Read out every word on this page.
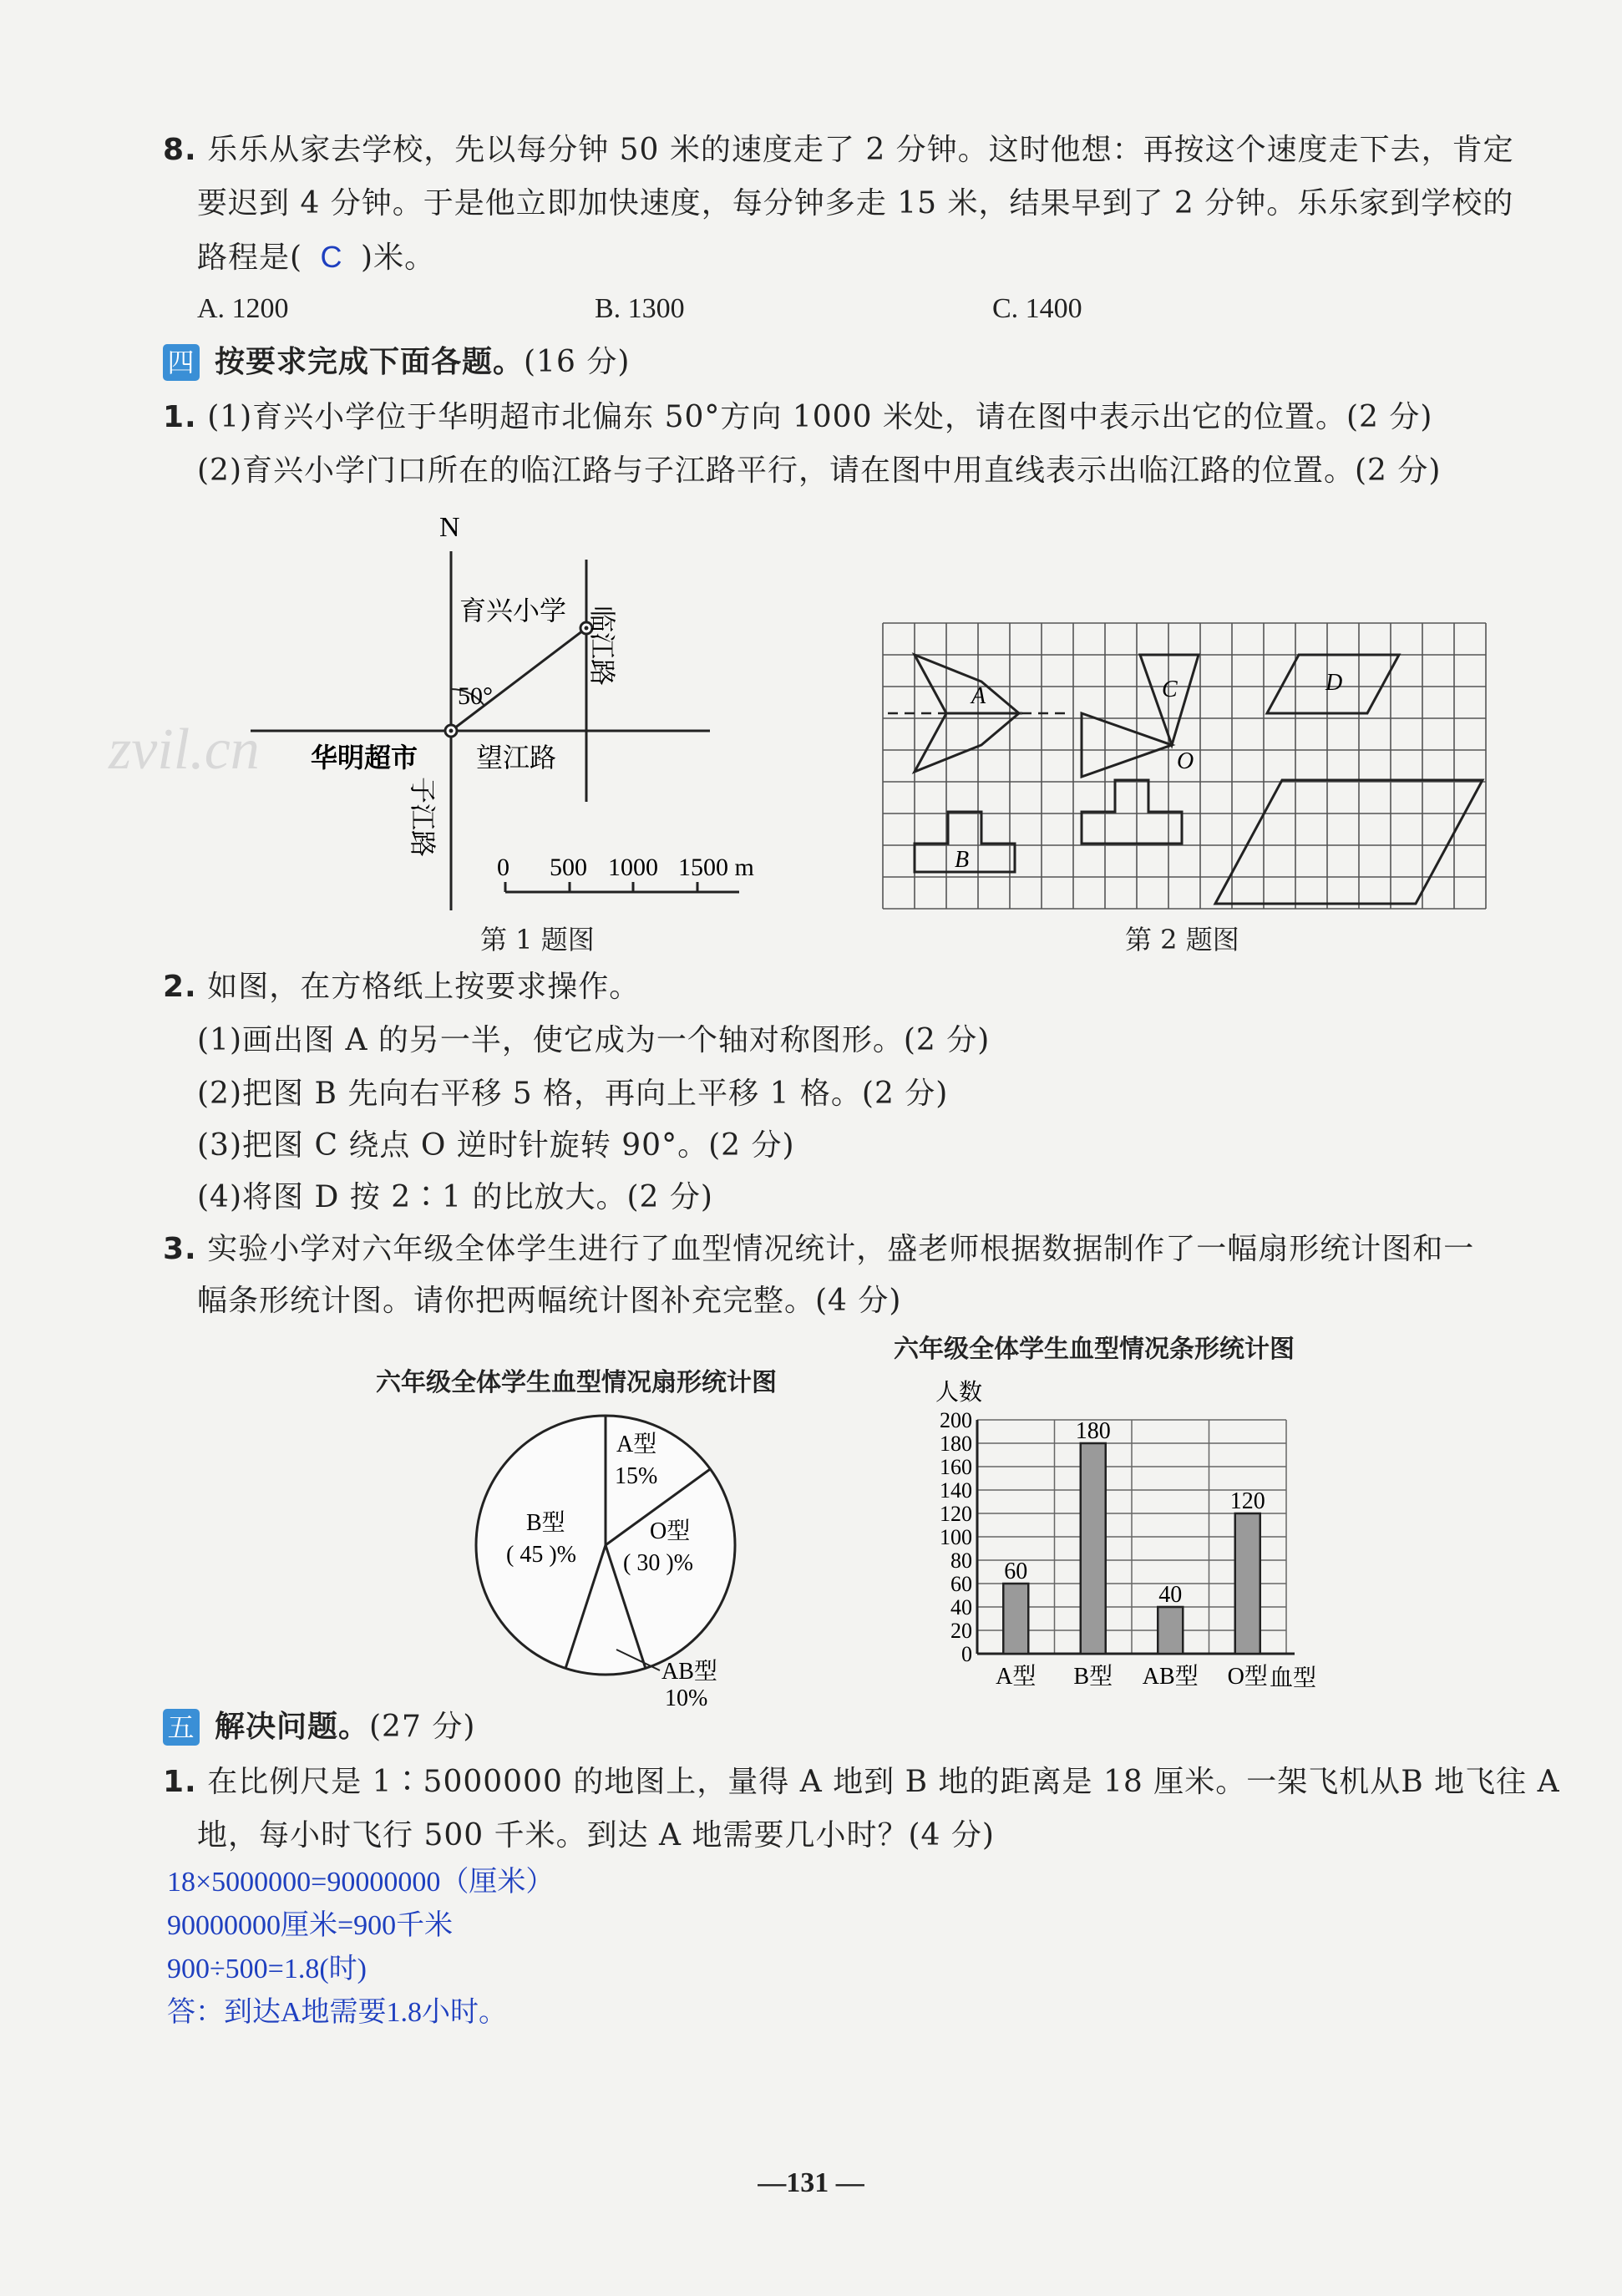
8. 乐乐从家去学校，先以每分钟 50 米的速度走了 2 分钟。这时他想：再按这个速度走下去，肯定
要迟到 4 分钟。于是他立即加快速度，每分钟多走 15 米，结果早到了 2 分钟。乐乐家到学校的
路程是( C )米。
A. 1200	B. 1300	C. 1400
四 按要求完成下面各题。(16 分)
1. (1)育兴小学位于华明超市北偏东 50°方向 1000 米处，请在图中表示出它的位置。(2 分)
(2)育兴小学门口所在的临江路与子江路平行，请在图中用直线表示出临江路的位置。(2 分)
zvil.cn
N
育兴小学
50°
华明超市 望江路
临江路
子江路
0 500 1000 1500 m
第 1 题图
A
B
C
O
D
第 2 题图
2. 如图，在方格纸上按要求操作。
(1)画出图 A 的另一半，使它成为一个轴对称图形。(2 分)
(2)把图 B 先向右平移 5 格，再向上平移 1 格。(2 分)
(3)把图 C 绕点 O 逆时针旋转 90°。(2 分)
(4)将图 D 按 2∶1 的比放大。(2 分)
3. 实验小学对六年级全体学生进行了血型情况统计，盛老师根据数据制作了一幅扇形统计图和一
幅条形统计图。请你把两幅统计图补充完整。(4 分)
六年级全体学生血型情况扇形统计图
A型
15%
B型
( 45 )%
O型
( 30 )%
AB型
10%
六年级全体学生血型情况条形统计图
人数
0
20
40
60
80
100
120
140
160
180
200
60
180
40
120
A型 B型 AB型 O型 血型
五 解决问题。(27 分)
1. 在比例尺是 1∶5000000 的地图上，量得 A 地到 B 地的距离是 18 厘米。一架飞机从B 地飞往 A
地，每小时飞行 500 千米。到达 A 地需要几小时？(4 分)
18×5000000=90000000（厘米）
90000000厘米=900千米
900÷500=1.8(时)
答：到达A地需要1.8小时。
—131 —
